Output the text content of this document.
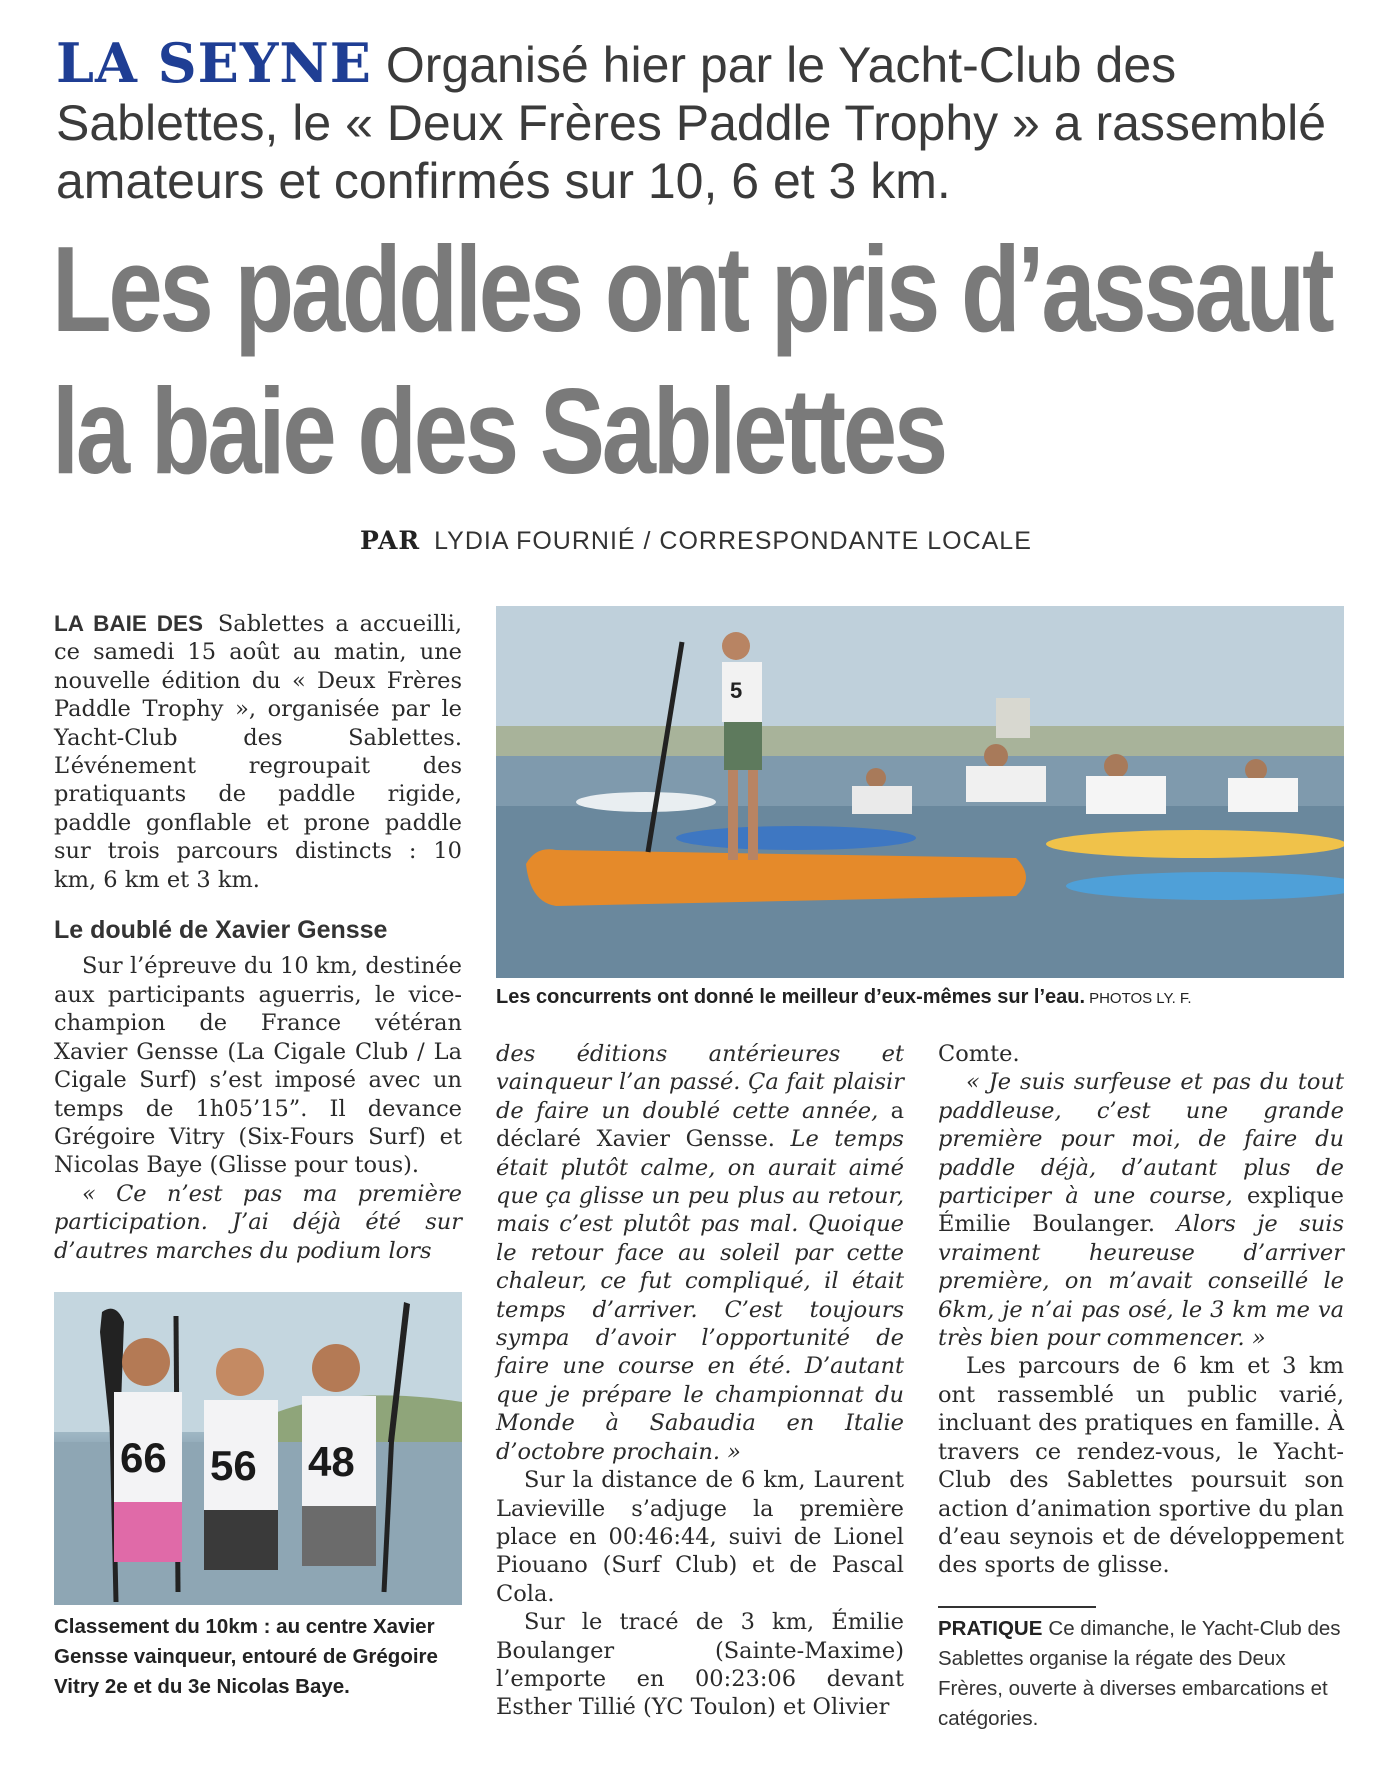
LA SEYNE Organisé hier par le Yacht-Club des Sablettes, le « Deux Frères Paddle Trophy » a rassemblé amateurs et confirmés sur 10, 6 et 3 km.
Les paddles ont pris d’assaut
la baie des Sablettes
PAR LYDIA FOURNIÉ / CORRESPONDANTE LOCALE

LA BAIE DES Sablettes a accueilli, ce samedi 15 août au matin, une nouvelle édition du « Deux Frères Paddle Trophy », organisée par le Yacht-Club des Sablettes. L’événement regroupait des pratiquants de paddle rigide, paddle gonflable et prone paddle sur trois parcours distincts : 10 km, 6 km et 3 km.

Le doublé de Xavier Gensse

Sur l’épreuve du 10 km, destinée aux participants aguerris, le vice-champion de France vétéran Xavier Gensse (La Cigale Club / La Cigale Surf) s’est imposé avec un temps de 1h05’15”. Il devance Grégoire Vitry (Six-Fours Surf) et Nicolas Baye (Glisse pour tous).

« Ce n’est pas ma première participation. J’ai déjà été sur d’autres marches du podium lors

5
Les concurrents ont donné le meilleur d’eux-mêmes sur l’eau. PHOTOS LY. F.

des éditions antérieures et vainqueur l’an passé. Ça fait plaisir de faire un doublé cette année, a déclaré Xavier Gensse. Le temps était plutôt calme, on aurait aimé que ça glisse un peu plus au retour, mais c’est plutôt pas mal. Quoique le retour face au soleil par cette chaleur, ce fut compliqué, il était temps d’arriver. C’est toujours sympa d’avoir l’opportunité de faire une course en été. D’autant que je prépare le championnat du Monde à Sabaudia en Italie d’octobre prochain. »

Sur la distance de 6 km, Laurent Lavieville s’adjuge la première place en 00:46:44, suivi de Lionel Piouano (Surf Club) et de Pascal Cola.

Sur le tracé de 3 km, Émilie Boulanger (Sainte-Maxime) l’emporte en 00:23:06 devant Esther Tillié (YC Toulon) et Olivier

Comte.

« Je suis surfeuse et pas du tout paddleuse, c’est une grande première pour moi, de faire du paddle déjà, d’autant plus de participer à une course, explique Émilie Boulanger. Alors je suis vraiment heureuse d’arriver première, on m’avait conseillé le 6km, je n’ai pas osé, le 3 km me va très bien pour commencer. »

Les parcours de 6 km et 3 km ont rassemblé un public varié, incluant des pratiques en famille. À travers ce rendez-vous, le Yacht-Club des Sablettes poursuit son action d’animation sportive du plan d’eau seynois et de développement des sports de glisse.

66 56 48
Classement du 10km : au centre Xavier Gensse vainqueur, entouré de Grégoire Vitry 2e et du 3e Nicolas Baye.
PRATIQUE Ce dimanche, le Yacht-Club des Sablettes organise la régate des Deux Frères, ouverte à diverses embarcations et catégories.
